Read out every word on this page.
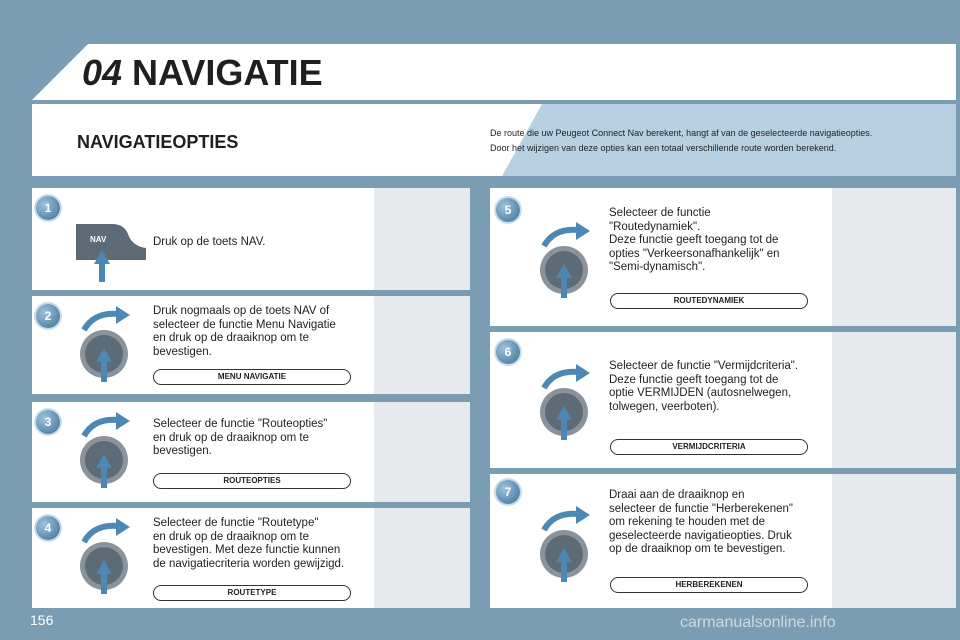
04 NAVIGATIE
NAVIGATIEOPTIES	De route die uw Peugeot Connect Nav berekent, hangt af van de geselecteerde navigatieopties.
Door het wijzigen van deze opties kan een totaal verschillende route worden berekend.
1
NAV	Druk op de toets NAV.
2	Druk nogmaals op de toets NAV of
selecteer de functie Menu Navigatie
en druk op de draaiknop om te
bevestigen.
MENU NAVIGATIE
3	Selecteer de functie "Routeopties"
en druk op de draaiknop om te
bevestigen.
ROUTEOPTIES
4	Selecteer de functie "Routetype"
en druk op de draaiknop om te
bevestigen. Met deze functie kunnen
de navigatiecriteria worden gewijzigd.
ROUTETYPE
5	Selecteer de functie
"Routedynamiek".
Deze functie geeft toegang tot de
opties "Verkeersonafhankelijk" en
"Semi-dynamisch".
ROUTEDYNAMIEK
6
Selecteer de functie "Vermijdcriteria".
Deze functie geeft toegang tot de
optie VERMIJDEN (autosnelwegen,
tolwegen, veerboten).
VERMIJDCRITERIA
7	Draai aan de draaiknop en
selecteer de functie "Herberekenen"
om rekening te houden met de
geselecteerde navigatieopties. Druk
op de draaiknop om te bevestigen.
HERBEREKENEN
156	carmanualsonline.info
